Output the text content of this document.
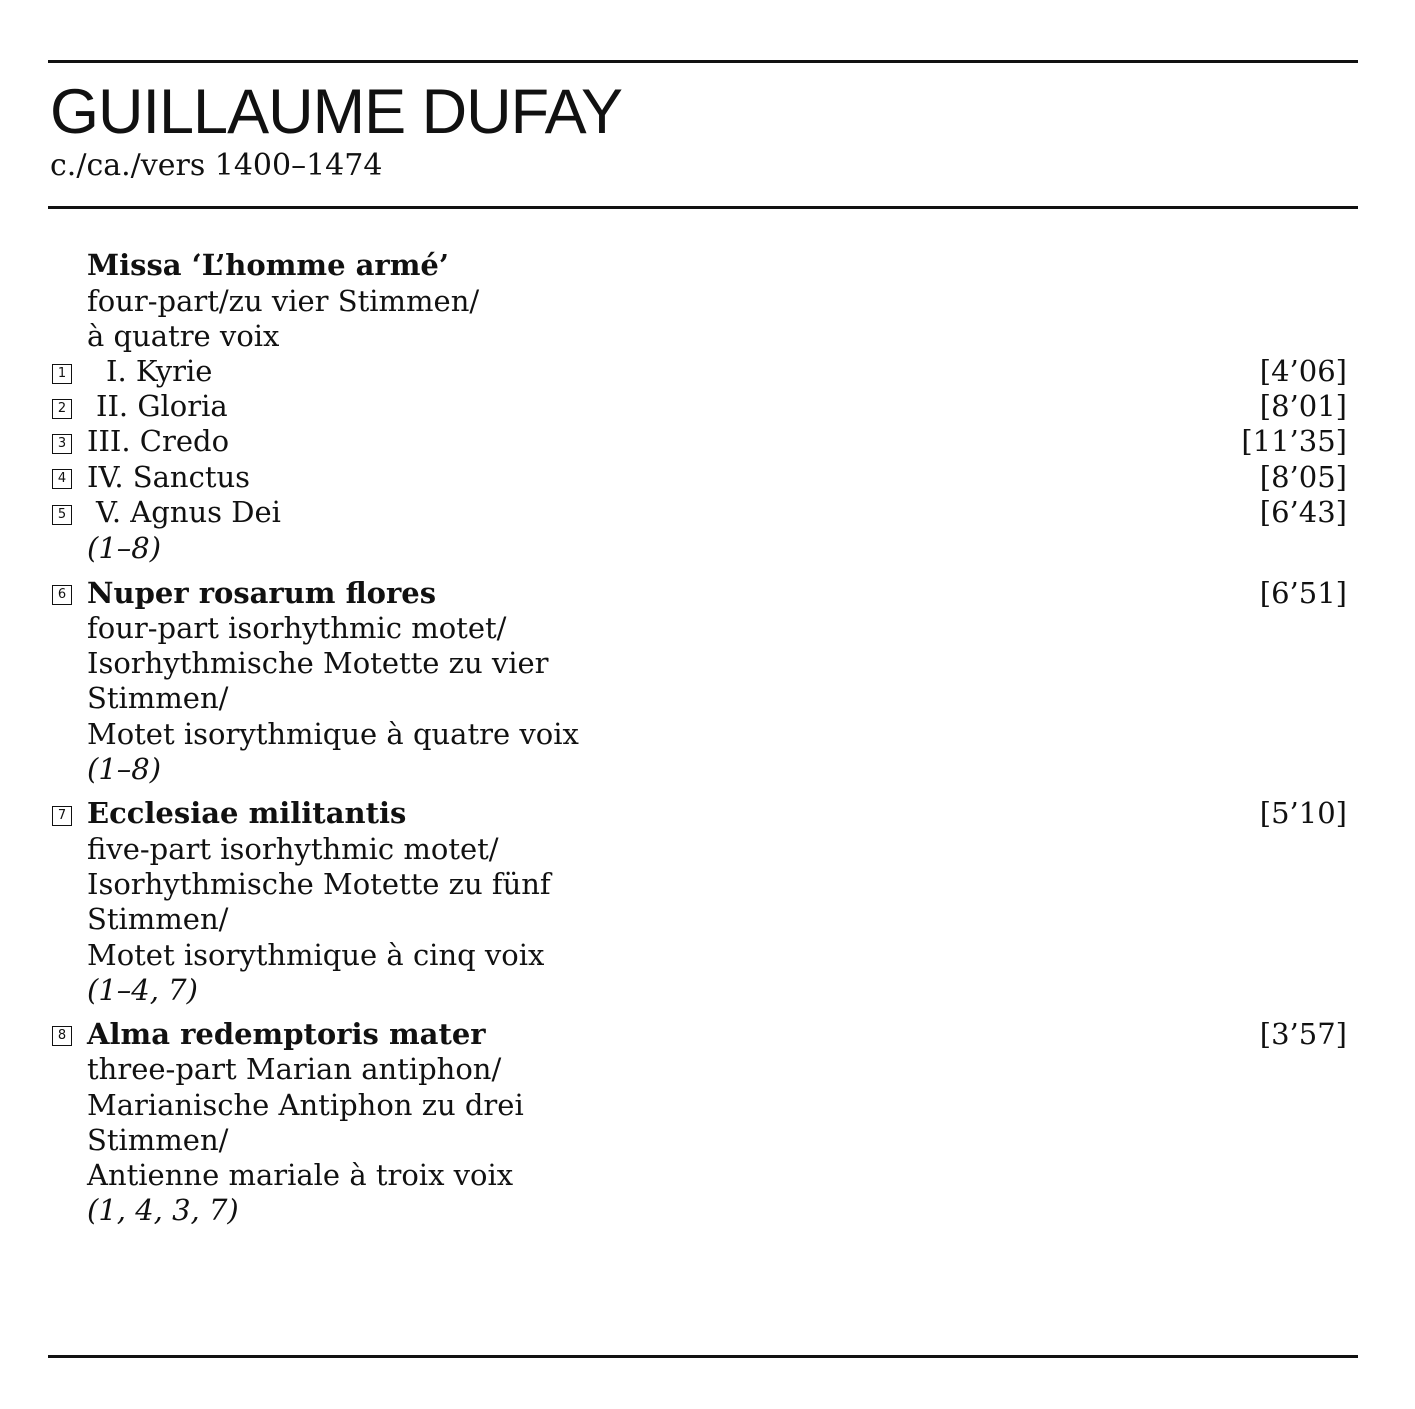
GUILLAUME DUFAY
c./ca./vers 1400–1474
Missa ‘L’homme armé’
four-part/zu vier Stimmen/
à quatre voix
1 I. Kyrie	[4’06]
2 II. Gloria	[8’01]
3 III. Credo	[11’35]
4 IV. Sanctus	[8’05]
5 V. Agnus Dei	[6’43]
(1–8)
6 Nuper rosarum flores	[6’51]
four-part isorhythmic motet/
Isorhythmische Motette zu vier
Stimmen/
Motet isorythmique à quatre voix
(1–8)
7 Ecclesiae militantis	[5’10]
five-part isorhythmic motet/
Isorhythmische Motette zu fünf
Stimmen/
Motet isorythmique à cinq voix
(1–4, 7)
8 Alma redemptoris mater	[3’57]
three-part Marian antiphon/
Marianische Antiphon zu drei
Stimmen/
Antienne mariale à troix voix
(1, 4, 3, 7)
